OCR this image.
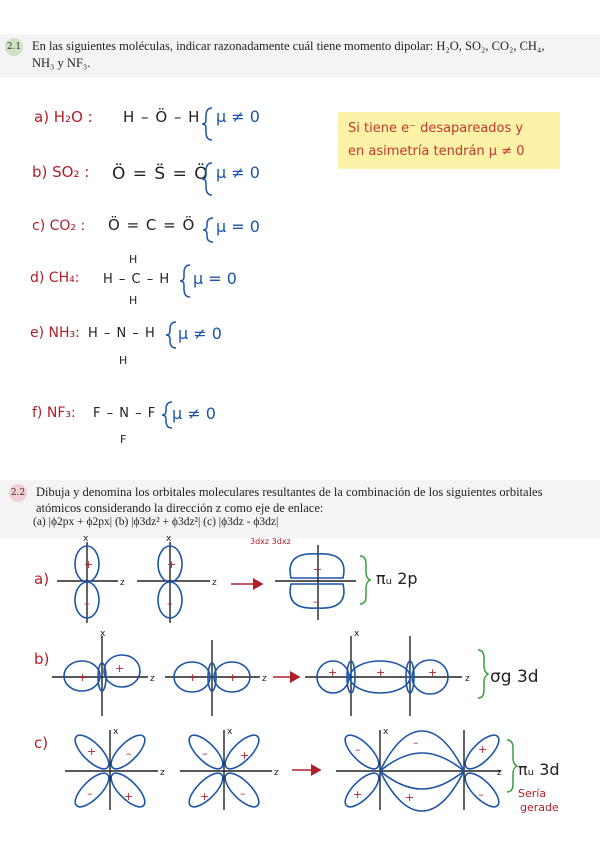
2.1 En las siguientes moléculas, indicar razonadamente cuál tiene momento dipolar: H₂O, SO₂, CO₂, CH₄,
NH₃ y NF₃.
a) H₂O : H – Ö – H μ ≠ 0
b) SO₂ : Ö = S̈ = Ö μ ≠ 0
c) CO₂ : Ö = C = Ö μ = 0
d) CH₄: H – C – H
H
H
μ = 0
e) NH₃: H – N – H
H
μ ≠ 0
f) NF₃: F – N – F
F
μ ≠ 0
Si tiene e⁻ desapareados y
en asimetría tendrán μ ≠ 0
2.2 Dibuja y denomina los orbitales moleculares resultantes de la combinación de los siguientes orbitales
atómicos considerando la dirección z como eje de enlace:
(a) |ϕ2px + ϕ2px| (b) |ϕ3dz² + ϕ3dz²| (c) |ϕ3dz - ϕ3dz|
+
–
+
–
+
–
x
z
x
z
3dxz 3dxz
a)	πᵤ 2p
+
+
+	+	+	+	+
x
z	z
x
z
b)
σg 3d
+	–
–	+
–	+
+	–
–
–
+
+	+	–
x
z
x
z
x
z
c)
πᵤ 3d
Sería
gerade
